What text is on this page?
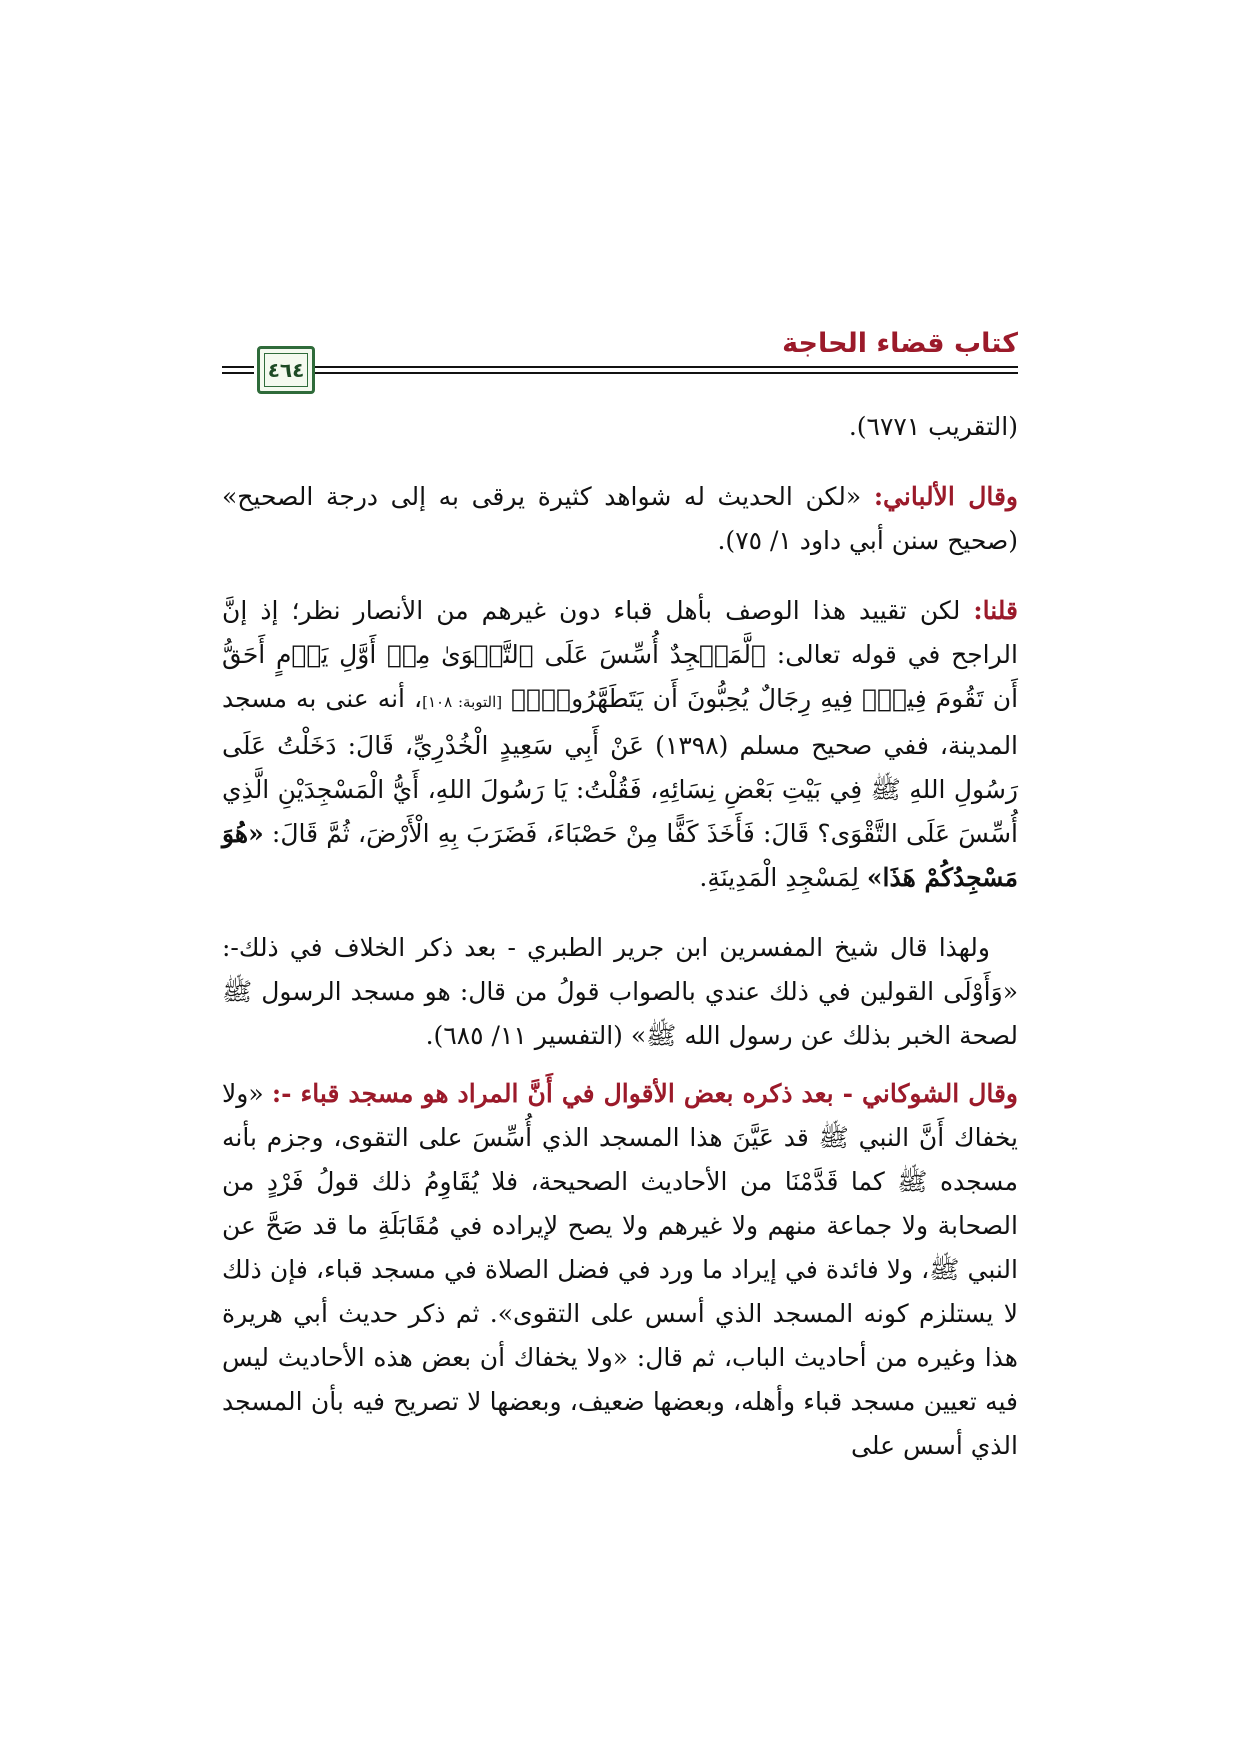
كتاب قضاء الحاجة
٤٦٤

(التقريب ٦٧٧١).

وقال الألباني: «لكن الحديث له شواهد كثيرة يرقى به إلى درجة الصحيح» (صحيح سنن أبي داود ١/ ٧٥).

قلنا: لكن تقييد هذا الوصف بأهل قباء دون غيرهم من الأنصار نظر؛ إذ إنَّ الراجح في قوله تعالى: ﴿لَّمَسۡجِدٌ أُسِّسَ عَلَى ٱلتَّقۡوَىٰ مِنۡ أَوَّلِ يَوۡمٍ أَحَقُّ أَن تَقُومَ فِيهِۚ فِيهِ رِجَالٌ يُحِبُّونَ أَن يَتَطَهَّرُواْۚ﴾ [التوبة: ١٠٨]، أنه عنى به مسجد المدينة، ففي صحيح مسلم (١٣٩٨) عَنْ أَبِي سَعِيدٍ الْخُدْرِيِّ، قَالَ: دَخَلْتُ عَلَى رَسُولِ اللهِ ﷺ فِي بَيْتِ بَعْضِ نِسَائِهِ، فَقُلْتُ: يَا رَسُولَ اللهِ، أَيُّ الْمَسْجِدَيْنِ الَّذِي أُسِّسَ عَلَى التَّقْوَى؟ قَالَ: فَأَخَذَ كَفًّا مِنْ حَصْبَاءَ، فَضَرَبَ بِهِ الْأَرْضَ، ثُمَّ قَالَ: «هُوَ مَسْجِدُكُمْ هَذَا» لِمَسْجِدِ الْمَدِينَةِ.

ولهذا قال شيخ المفسرين ابن جرير الطبري - بعد ذكر الخلاف في ذلك-: «وَأَوْلَى القولين في ذلك عندي بالصواب قولُ من قال: هو مسجد الرسول ﷺ لصحة الخبر بذلك عن رسول الله ﷺ» (التفسير ١١/ ٦٨٥).

وقال الشوكاني - بعد ذكره بعض الأقوال في أَنَّ المراد هو مسجد قباء -: «ولا يخفاك أَنَّ النبي ﷺ قد عَيَّنَ هذا المسجد الذي أُسِّسَ على التقوى، وجزم بأنه مسجده ﷺ كما قَدَّمْنَا من الأحاديث الصحيحة، فلا يُقَاوِمُ ذلك قولُ فَرْدٍ من الصحابة ولا جماعة منهم ولا غيرهم ولا يصح لإيراده في مُقَابَلَةِ ما قد صَحَّ عن النبي ﷺ، ولا فائدة في إيراد ما ورد في فضل الصلاة في مسجد قباء، فإن ذلك لا يستلزم كونه المسجد الذي أسس على التقوى». ثم ذكر حديث أبي هريرة هذا وغيره من أحاديث الباب، ثم قال: «ولا يخفاك أن بعض هذه الأحاديث ليس فيه تعيين مسجد قباء وأهله، وبعضها ضعيف، وبعضها لا تصريح فيه بأن المسجد الذي أسس على
